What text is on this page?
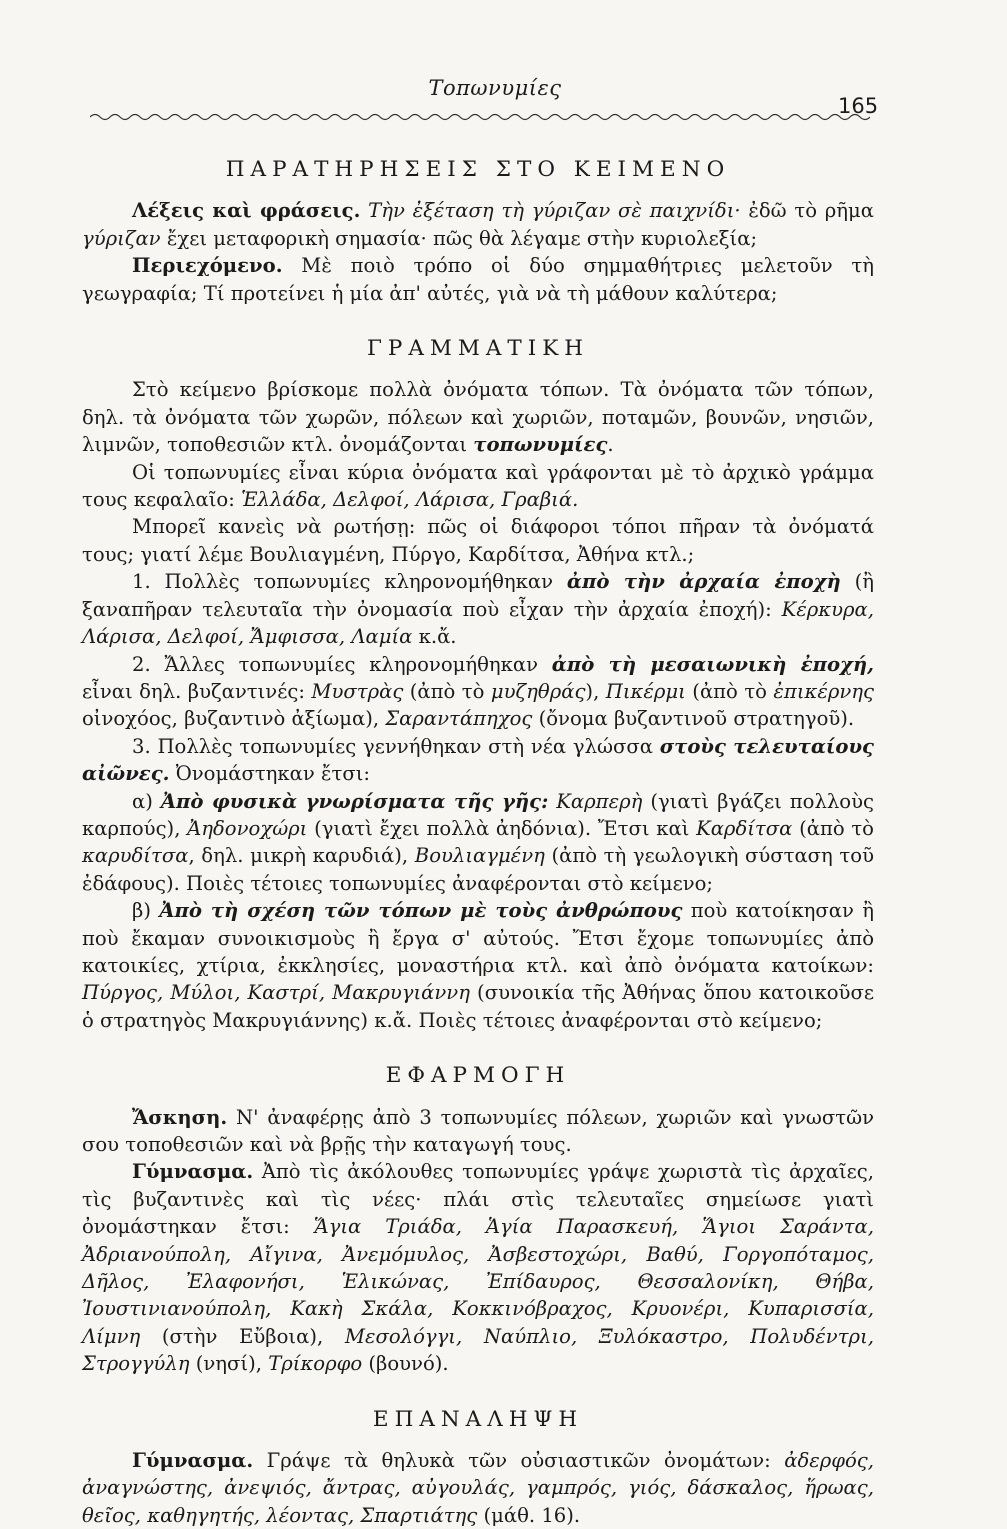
Τοπωνυμίες
165
ΠΑΡΑΤΗΡΗΣΕΙΣ ΣΤΟ ΚΕΙΜΕΝΟ

Λέξεις καὶ φράσεις. Τὴν ἐξέταση τὴ γύριζαν σὲ παιχνίδι· ἐδῶ τὸ ρῆμα γύριζαν ἔχει μεταφορικὴ σημασία· πῶς θὰ λέγαμε στὴν κυριολεξία;

Περιεχόμενο. Μὲ ποιὸ τρόπο οἱ δύο σημμαθήτριες μελετοῦν τὴ γεωγραφία; Τί προτείνει ἡ μία ἀπ' αὐτές, γιὰ νὰ τὴ μάθουν καλύτερα;

ΓΡΑΜΜΑΤΙΚΗ

Στὸ κείμενο βρίσκομε πολλὰ ὀνόματα τόπων. Τὰ ὀνόματα τῶν τόπων, δηλ. τὰ ὀνόματα τῶν χωρῶν, πόλεων καὶ χωριῶν, ποταμῶν, βουνῶν, νησιῶν, λιμνῶν, τοποθεσιῶν κτλ. ὀνομάζονται τοπωνυμίες.

Οἱ τοπωνυμίες εἶναι κύρια ὀνόματα καὶ γράφονται μὲ τὸ ἀρχικὸ γράμμα τους κεφαλαῖο: Ἑλλάδα, Δελφοί, Λάρισα, Γραβιά.

Μπορεῖ κανεὶς νὰ ρωτήσῃ: πῶς οἱ διάφοροι τόποι πῆραν τὰ ὀνόματά τους; γιατί λέμε Βουλιαγμένη, Πύργο, Καρδίτσα, Ἀθήνα κτλ.;

1. Πολλὲς τοπωνυμίες κληρονομήθηκαν ἀπὸ τὴν ἀρχαία ἐποχὴ (ἢ ξαναπῆραν τελευταῖα τὴν ὀνομασία ποὺ εἶχαν τὴν ἀρχαία ἐποχή): Κέρκυρα, Λάρισα, Δελφοί, Ἄμφισσα, Λαμία κ.ἄ.

2. Ἄλλες τοπωνυμίες κληρονομήθηκαν ἀπὸ τὴ μεσαιωνικὴ ἐποχή, εἶναι δηλ. βυζαντινές: Μυστρὰς (ἀπὸ τὸ μυζηθράς), Πικέρμι (ἀπὸ τὸ ἐπικέρνης οἰνοχόος, βυζαντινὸ ἀξίωμα), Σαραντάπηχος (ὄνομα βυζαντινοῦ στρατηγοῦ).

3. Πολλὲς τοπωνυμίες γεννήθηκαν στὴ νέα γλώσσα στοὺς τελευταίους αἰῶνες. Ὀνομάστηκαν ἔτσι:

α) Ἀπὸ φυσικὰ γνωρίσματα τῆς γῆς: Καρπερὴ (γιατὶ βγάζει πολλοὺς καρπούς), Ἀηδονοχώρι (γιατὶ ἔχει πολλὰ ἀηδόνια). Ἔτσι καὶ Καρδίτσα (ἀπὸ τὸ καρυδίτσα, δηλ. μικρὴ καρυδιά), Βουλιαγμένη (ἀπὸ τὴ γεωλογικὴ σύσταση τοῦ ἐδάφους). Ποιὲς τέτοιες τοπωνυμίες ἀναφέρονται στὸ κείμενο;

β) Ἀπὸ τὴ σχέση τῶν τόπων μὲ τοὺς ἀνθρώπους ποὺ κατοίκησαν ἢ ποὺ ἔκαμαν συνοικισμοὺς ἢ ἔργα σ' αὐτούς. Ἔτσι ἔχομε τοπωνυμίες ἀπὸ κατοικίες, χτίρια, ἐκκλησίες, μοναστήρια κτλ. καὶ ἀπὸ ὀνόματα κατοίκων: Πύργος, Μύλοι, Καστρί, Μακρυγιάννη (συνοικία τῆς Ἀθήνας ὅπου κατοικοῦσε ὁ στρατηγὸς Μακρυγιάννης) κ.ἄ. Ποιὲς τέτοιες ἀναφέρονται στὸ κείμενο;

ΕΦΑΡΜΟΓΗ

Ἄσκηση. Ν' ἀναφέρῃς ἀπὸ 3 τοπωνυμίες πόλεων, χωριῶν καὶ γνωστῶν σου τοποθεσιῶν καὶ νὰ βρῇς τὴν καταγωγή τους.

Γύμνασμα. Ἀπὸ τὶς ἀκόλουθες τοπωνυμίες γράψε χωριστὰ τὶς ἀρχαῖες, τὶς βυζαντινὲς καὶ τὶς νέες· πλάι στὶς τελευταῖες σημείωσε γιατὶ ὀνομάστηκαν ἔτσι: Ἅγια Τριάδα, Ἁγία Παρασκευή, Ἅγιοι Σαράντα, Ἀδριανούπολη, Αἴγινα, Ἀνεμόμυλος, Ἀσβεστοχώρι, Βαθύ, Γοργοπόταμος, Δῆλος, Ἐλαφονήσι, Ἑλικώνας, Ἐπίδαυρος, Θεσσαλονίκη, Θήβα, Ἰουστινιανούπολη, Κακὴ Σκάλα, Κοκκινόβραχος, Κρυονέρι, Κυπαρισσία, Λίμνη (στὴν Εὔβοια), Μεσολόγγι, Ναύπλιο, Ξυλόκαστρο, Πολυδέντρι, Στρογγύλη (νησί), Τρίκορφο (βουνό).

ΕΠΑΝΑΛΗΨΗ

Γύμνασμα. Γράψε τὰ θηλυκὰ τῶν οὐσιαστικῶν ὀνομάτων: ἀδερφός, ἀναγνώστης, ἀνεψιός, ἄντρας, αὐγουλάς, γαμπρός, γιός, δάσκαλος, ἥρωας, θεῖος, καθηγητής, λέοντας, Σπαρτιάτης (μάθ. 16).
